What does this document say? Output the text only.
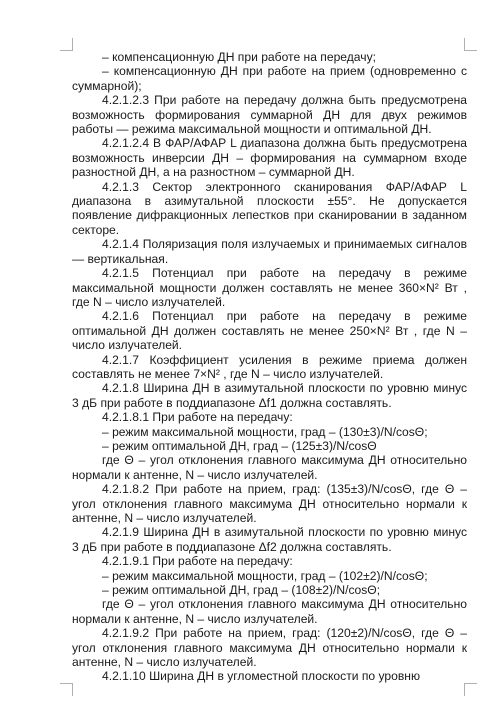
– компенсационную ДН при работе на передачу;

– компенсационную ДН при работе на прием (одновременно с суммарной);

4.2.1.2.3 При работе на передачу должна быть предусмотрена возможность формирования суммарной ДН для двух режимов работы — режима максимальной мощности и оптимальной ДН.

4.2.1.2.4 В ФАР/АФАР L диапазона должна быть предусмотрена возможность инверсии ДН – формирования на суммарном входе разностной ДН, а на разностном – суммарной ДН.

4.2.1.3 Сектор электронного сканирования ФАР/АФАР L диапазона в азимутальной плоскости ±55°. Не допускается появление дифракционных лепестков при сканировании в заданном секторе.

4.2.1.4 Поляризация поля излучаемых и принимаемых сигналов — вертикальная.

4.2.1.5 Потенциал при работе на передачу в режиме максимальной мощности должен составлять не менее 360×N² Вт , где N – число излучателей.

4.2.1.6 Потенциал при работе на передачу в режиме оптимальной ДН должен составлять не менее 250×N² Вт , где N – число излучателей.

4.2.1.7 Коэффициент усиления в режиме приема должен составлять не менее 7×N² , где N – число излучателей.

4.2.1.8 Ширина ДН в азимутальной плоскости по уровню минус 3 дБ при работе в поддиапазоне Δf1 должна составлять.

4.2.1.8.1 При работе на передачу:

– режим максимальной мощности, град – (130±3)/N/cosΘ;

– режим оптимальной ДН, град – (125±3)/N/cosΘ

где Θ – угол отклонения главного максимума ДН относительно нормали к антенне, N – число излучателей.

4.2.1.8.2 При работе на прием, град: (135±3)/N/cosΘ, где Θ – угол отклонения главного максимума ДН относительно нормали к антенне, N – число излучателей.

4.2.1.9 Ширина ДН в азимутальной плоскости по уровню минус 3 дБ при работе в поддиапазоне Δf2 должна составлять.

4.2.1.9.1 При работе на передачу:

– режим максимальной мощности, град – (102±2)/N/cosΘ;

– режим оптимальной ДН, град – (108±2)/N/cosΘ;

где Θ – угол отклонения главного максимума ДН относительно нормали к антенне, N – число излучателей.

4.2.1.9.2 При работе на прием, град: (120±2)/N/cosΘ, где Θ – угол отклонения главного максимума ДН относительно нормали к антенне, N – число излучателей.

4.2.1.10 Ширина ДН в угломестной плоскости по уровню
